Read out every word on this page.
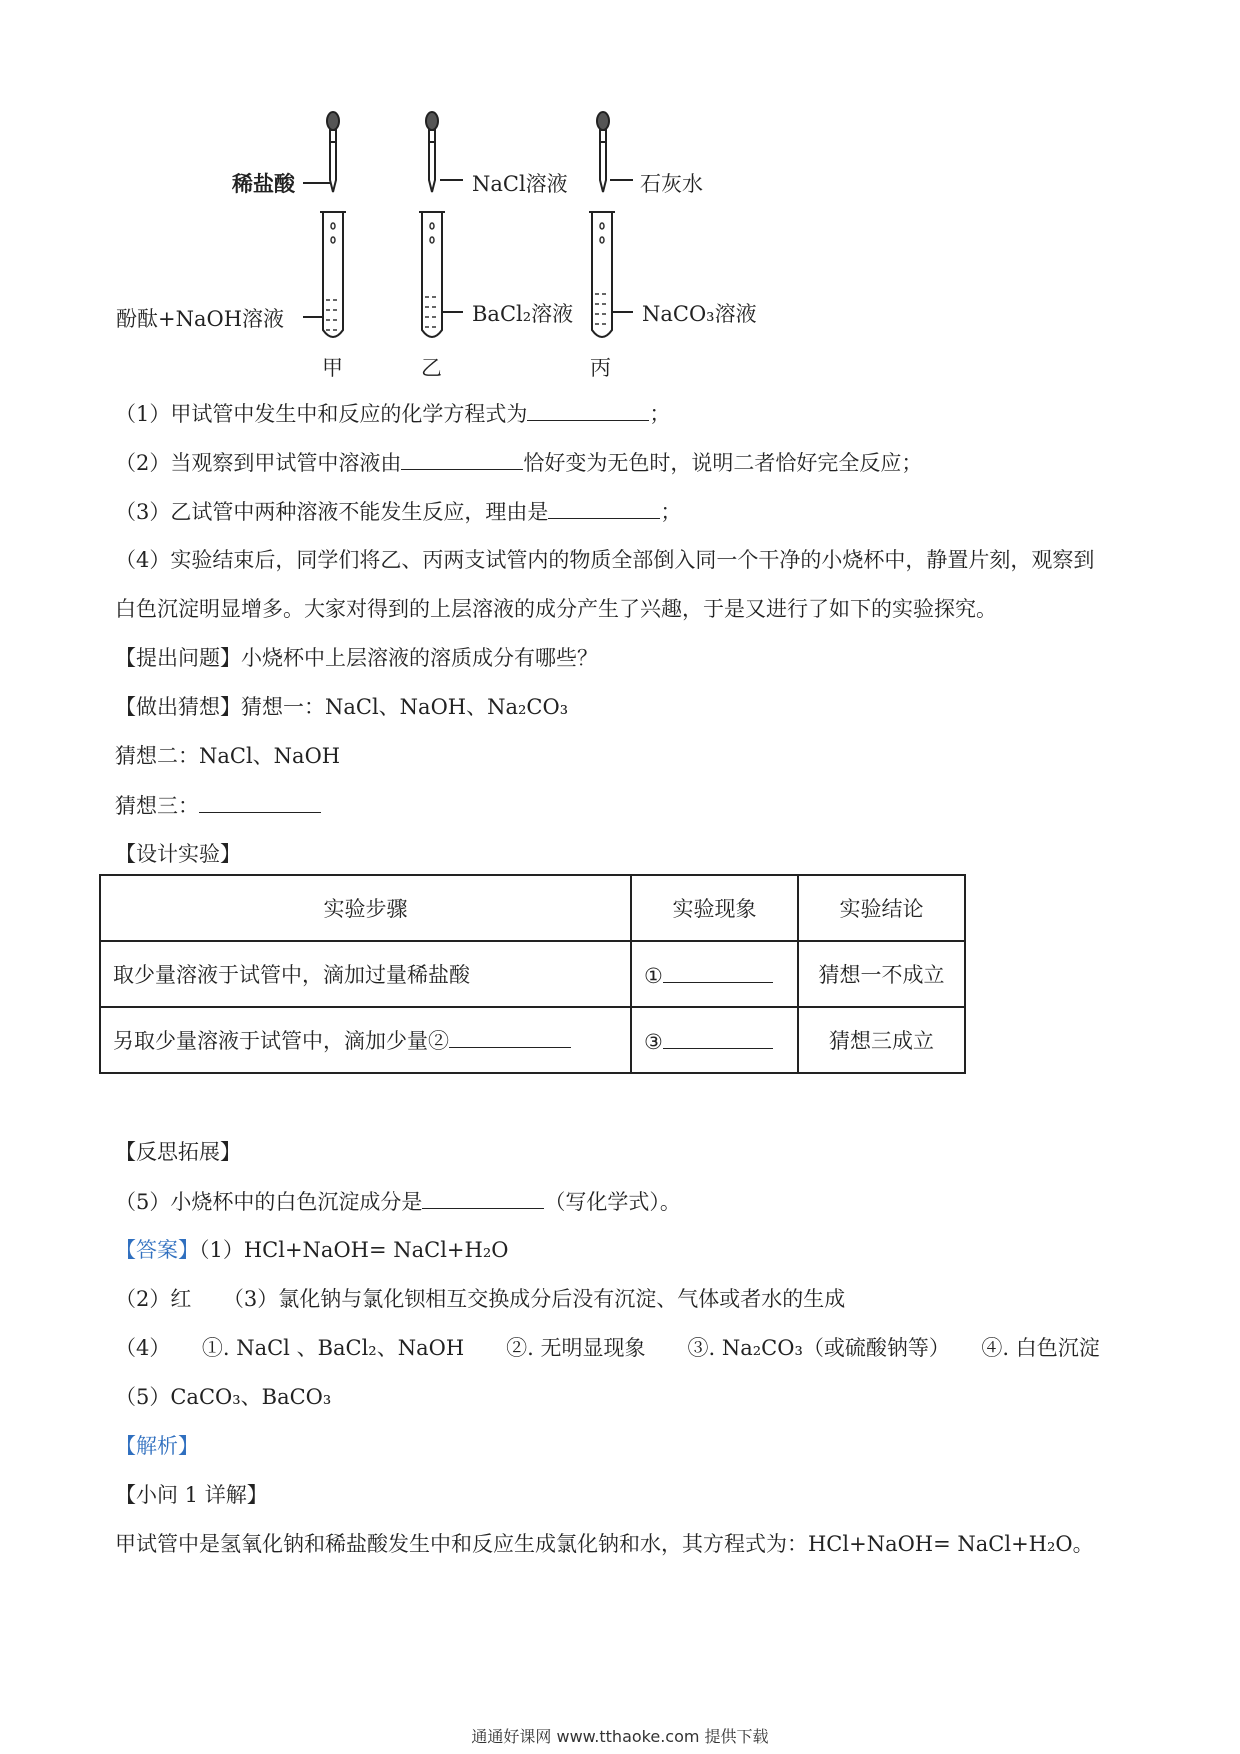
稀盐酸	NaCl溶液	石灰水
酚酞+NaOH溶液	BaCl₂溶液	NaCO₃溶液
甲	乙	丙
（1）甲试管中发生中和反应的化学方程式为	；
（2）当观察到甲试管中溶液由	恰好变为无色时，说明二者恰好完全反应；
（3）乙试管中两种溶液不能发生反应，理由是	；
（4）实验结束后，同学们将乙、丙两支试管内的物质全部倒入同一个干净的小烧杯中，静置片刻，观察到
白色沉淀明显增多。大家对得到的上层溶液的成分产生了兴趣，于是又进行了如下的实验探究。
【提出问题】小烧杯中上层溶液的溶质成分有哪些？
【做出猜想】猜想一：NaCl、NaOH、Na₂CO₃
猜想二：NaCl、NaOH
猜想三：
【设计实验】
实验步骤	实验现象	实验结论
取少量溶液于试管中，滴加过量稀盐酸	①	猜想一不成立
另取少量溶液于试管中，滴加少量②	③	猜想三成立
【反思拓展】
（5）小烧杯中的白色沉淀成分是	（写化学式）。
【答案】（1）HCl+NaOH= NaCl+H₂O
（2）红　　（3）氯化钠与氯化钡相互交换成分后没有沉淀、气体或者水的生成
（4）　　①. NaCl 、BaCl₂、NaOH　　②. 无明显现象　　③. Na₂CO₃（或硫酸钠等）　　④. 白色沉淀
（5）CaCO₃、BaCO₃
【解析】
【小问 1 详解】
甲试管中是氢氧化钠和稀盐酸发生中和反应生成氯化钠和水，其方程式为：HCl+NaOH= NaCl+H₂O。
通通好课网 www.tthaoke.com 提供下载
